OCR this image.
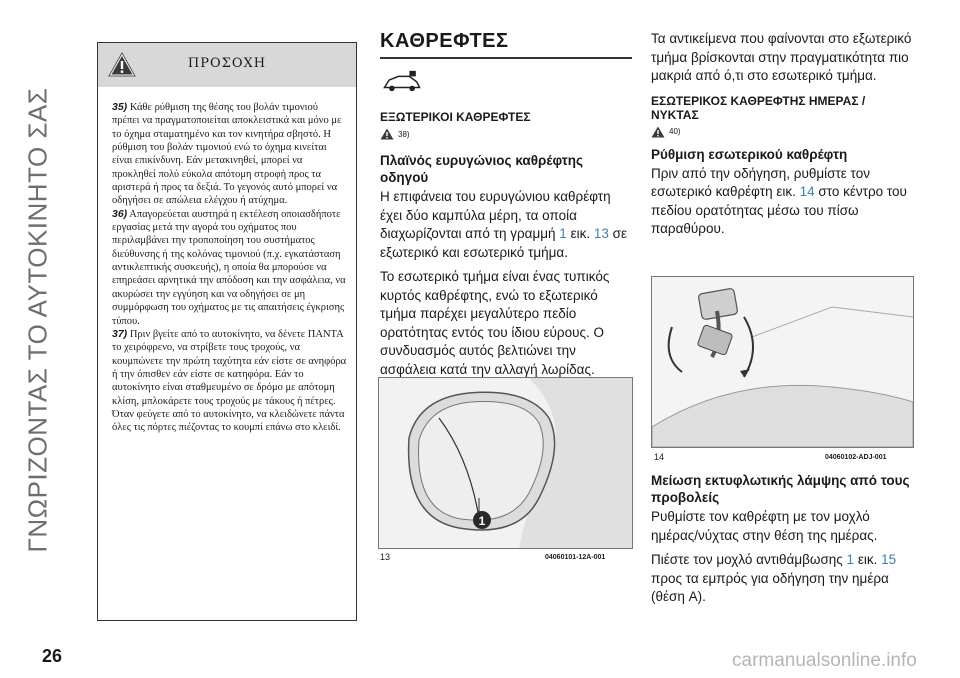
ΓΝΩΡΙΖΟΝΤΑΣ ΤΟ ΑΥΤΟΚΙΝΗΤΟ ΣΑΣ
ΠΡΟΣΟΧΗ

35) Κάθε ρύθμιση της θέσης του βολάν τιμονιού πρέπει να πραγματοποιείται αποκλειστικά και μόνο με το όχημα σταματημένο και τον κινητήρα σβηστό. Η ρύθμιση του βολάν τιμονιού ενώ το όχημα κινείται είναι επικίνδυνη. Εάν μετακινηθεί, μπορεί να προκληθεί πολύ εύκολα απότομη στροφή προς τα αριστερά ή προς τα δεξιά. Το γεγονός αυτό μπορεί να οδηγήσει σε απώλεια ελέγχου ή ατύχημα.

36) Απαγορεύεται αυστηρά η εκτέλεση οποιασδήποτε εργασίας μετά την αγορά του οχήματος που περιλαμβάνει την τροποποίηση του συστήματος διεύθυνσης ή της κολόνας τιμονιού (π.χ. εγκατάσταση αντικλεπτικής συσκευής), η οποία θα μπορούσε να επηρεάσει αρνητικά την απόδοση και την ασφάλεια, να ακυρώσει την εγγύηση και να οδηγήσει σε μη συμμόρφωση του οχήματος με τις απαιτήσεις έγκρισης τύπου.

37) Πριν βγείτε από το αυτοκίνητο, να δένετε ΠΑΝΤΑ το χειρόφρενο, να στρίβετε τους τροχούς, να κουμπώνετε την πρώτη ταχύτητα εάν είστε σε ανηφόρα ή την όπισθεν εάν είστε σε κατηφόρα. Εάν το αυτοκίνητο είναι σταθμευμένο σε δρόμο με απότομη κλίση, μπλοκάρετε τους τροχούς με τάκους ή πέτρες. Όταν φεύγετε από το αυτοκίνητο, να κλειδώνετε πάντα όλες τις πόρτες πιέζοντας το κουμπί επάνω στο κλειδί.

ΚΑΘΡΕΦΤΕΣ
ΕΞΩΤΕΡΙΚΟΙ ΚΑΘΡΕΦΤΕΣ
38)
Πλαϊνός ευρυγώνιος καθρέφτης οδηγού

Η επιφάνεια του ευρυγώνιου καθρέφτη έχει δύο καμπύλα μέρη, τα οποία διαχωρίζονται από τη γραμμή 1 εικ. 13 σε εξωτερικό και εσωτερικό τμήμα.

Το εσωτερικό τμήμα είναι ένας τυπικός κυρτός καθρέφτης, ενώ το εξωτερικό τμήμα παρέχει μεγαλύτερο πεδίο ορατότητας εντός του ίδιου εύρους. Ο συνδυασμός αυτός βελτιώνει την ασφάλεια κατά την αλλαγή λωρίδας.

1
13	04060101-12A-001

Τα αντικείμενα που φαίνονται στο εξωτερικό τμήμα βρίσκονται στην πραγματικότητα πιο μακριά από ό,τι στο εσωτερικό τμήμα.

ΕΣΩΤΕΡΙΚΟΣ ΚΑΘΡΕΦΤΗΣ ΗΜΕΡΑΣ / ΝΥΚΤΑΣ
40)
Ρύθμιση εσωτερικού καθρέφτη

Πριν από την οδήγηση, ρυθμίστε τον εσωτερικό καθρέφτη εικ. 14 στο κέντρο του πεδίου ορατότητας μέσω του πίσω παραθύρου.

14	04060102-ADJ-001
Μείωση εκτυφλωτικής λάμψης από τους προβολείς

Ρυθμίστε τον καθρέφτη με τον μοχλό ημέρας/νύχτας στην θέση της ημέρας.

Πιέστε τον μοχλό αντιθάμβωσης 1 εικ. 15 προς τα εμπρός για οδήγηση την ημέρα (θέση A).

26	carmanualsonline.info
